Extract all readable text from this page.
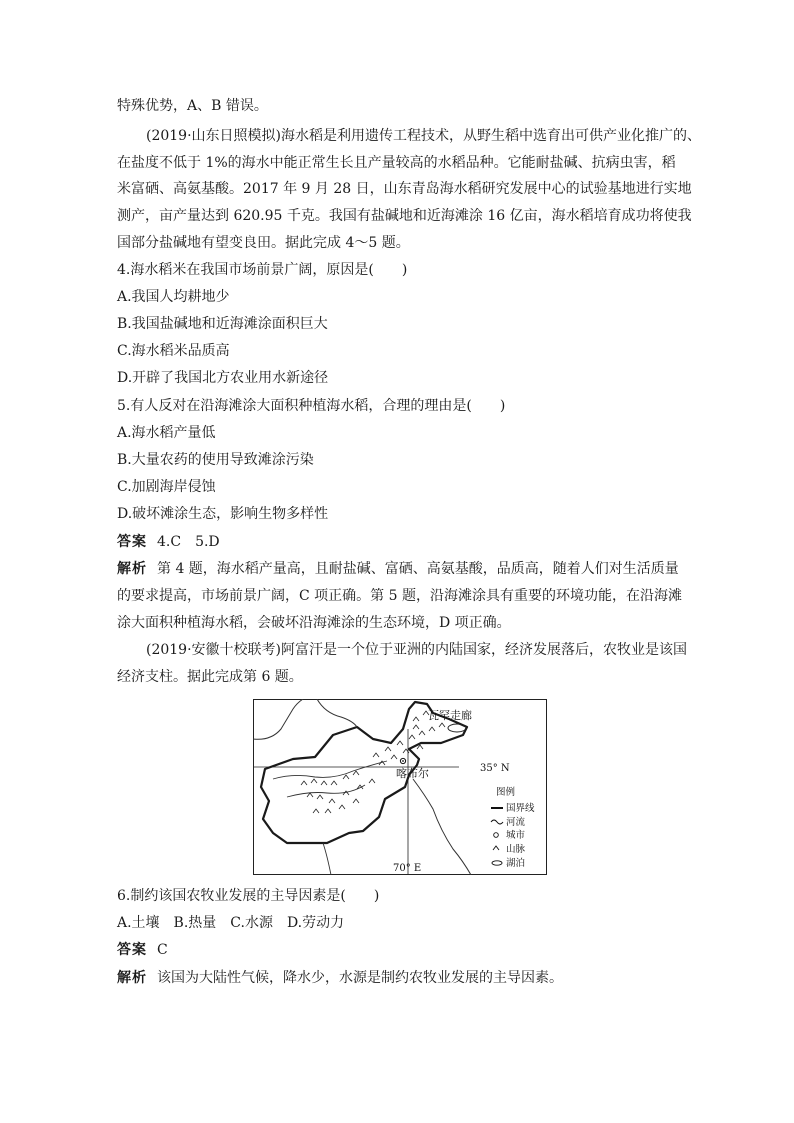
特殊优势，A、B 错误。
(2019·山东日照模拟)海水稻是利用遗传工程技术，从野生稻中选育出可供产业化推广的、
在盐度不低于 1%的海水中能正常生长且产量较高的水稻品种。它能耐盐碱、抗病虫害，稻
米富硒、高氨基酸。2017 年 9 月 28 日，山东青岛海水稻研究发展中心的试验基地进行实地
测产，亩产量达到 620.95 千克。我国有盐碱地和近海滩涂 16 亿亩，海水稻培育成功将使我
国部分盐碱地有望变良田。据此完成 4～5 题。
4.海水稻米在我国市场前景广阔，原因是(　　)
A.我国人均耕地少
B.我国盐碱地和近海滩涂面积巨大
C.海水稻米品质高
D.开辟了我国北方农业用水新途径
5.有人反对在沿海滩涂大面积种植海水稻，合理的理由是(　　)
A.海水稻产量低
B.大量农药的使用导致滩涂污染
C.加剧海岸侵蚀
D.破坏滩涂生态，影响生物多样性
答案 4.C　5.D
解析 第 4 题，海水稻产量高，且耐盐碱、富硒、高氨基酸，品质高，随着人们对生活质量
的要求提高，市场前景广阔，C 项正确。第 5 题，沿海滩涂具有重要的环境功能，在沿海滩
涂大面积种植海水稻，会破坏沿海滩涂的生态环境，D 项正确。
(2019·安徽十校联考)阿富汗是一个位于亚洲的内陆国家，经济发展落后，农牧业是该国
经济支柱。据此完成第 6 题。
瓦罕走廊
喀布尔	35° N
70° E
图例
国界线
河流
城市
山脉
湖泊
6.制约该国农牧业发展的主导因素是(　　)
A.土壤　B.热量　C.水源　D.劳动力
答案 C
解析 该国为大陆性气候，降水少，水源是制约农牧业发展的主导因素。
